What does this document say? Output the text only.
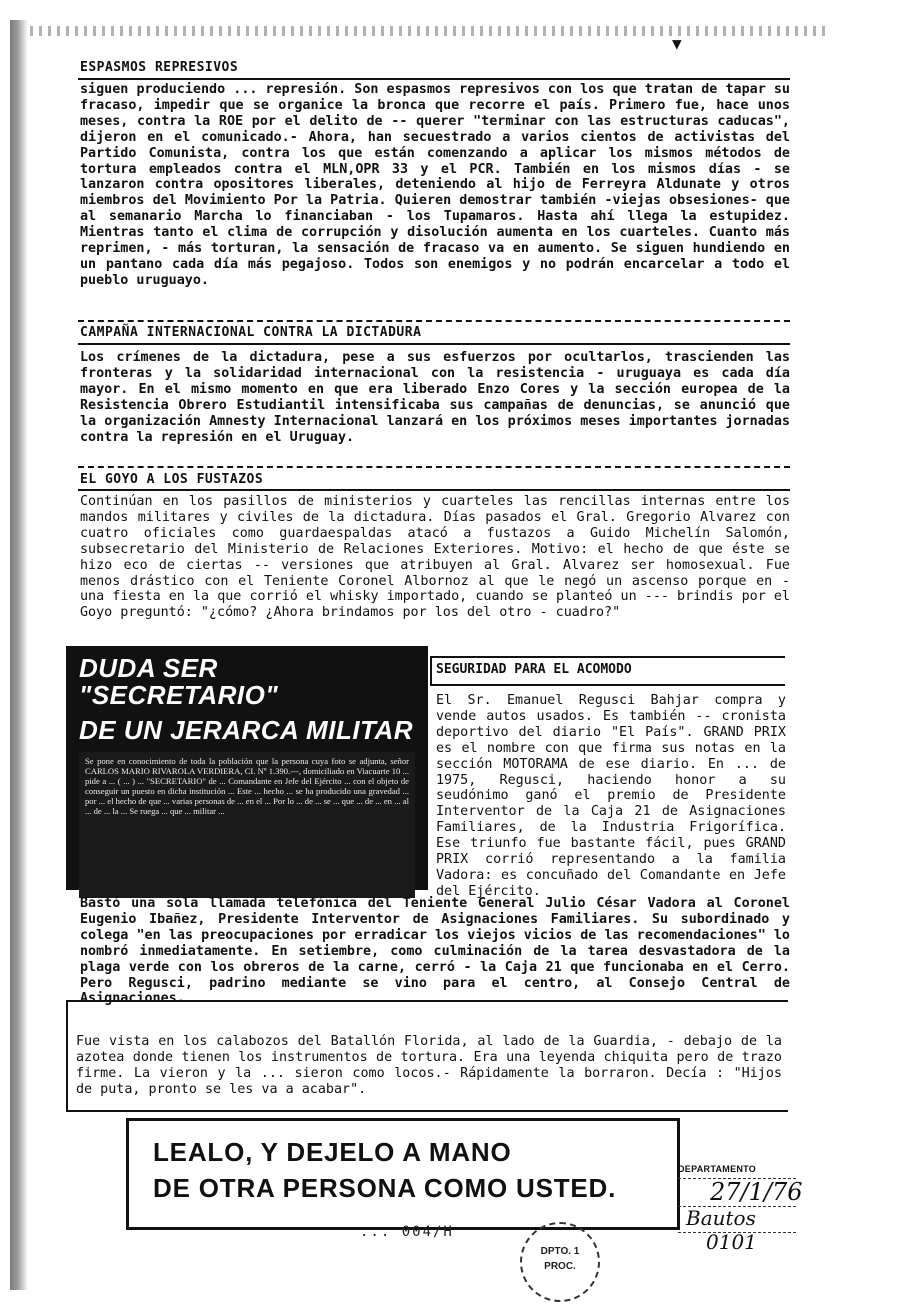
▼
ESPASMOS REPRESIVOS
siguen produciendo ... represión. Son espasmos represivos con los que tratan de tapar su fracaso, impedir que se organice la bronca que recorre el país. Primero fue, hace unos meses, contra la ROE por el delito de -- querer "terminar con las estructuras caducas", dijeron en el comunicado.- Ahora, han secuestrado a varios cientos de activistas del Partido Comunista, contra los que están comenzando a aplicar los mismos métodos de tortura empleados contra el MLN,OPR 33 y el PCR. También en los mismos días - se lanzaron contra opositores liberales, deteniendo al hijo de Ferreyra Aldunate y otros miembros del Movimiento Por la Patria. Quieren demostrar también -viejas obsesiones- que al semanario Marcha lo financiaban - los Tupamaros. Hasta ahí llega la estupidez. Mientras tanto el clima de corrupción y disolución aumenta en los cuarteles. Cuanto más reprimen, - más torturan, la sensación de fracaso va en aumento. Se siguen hundiendo en un pantano cada día más pegajoso. Todos son enemigos y no podrán encarcelar a todo el pueblo uruguayo.
CAMPAÑA INTERNACIONAL CONTRA LA DICTADURA
Los crímenes de la dictadura, pese a sus esfuerzos por ocultarlos, trascienden las fronteras y la solidaridad internacional con la resistencia - uruguaya es cada día mayor. En el mismo momento en que era liberado Enzo Cores y la sección europea de la Resistencia Obrero Estudiantil intensificaba sus campañas de denuncias, se anunció que la organización Amnesty Internacional lanzará en los próximos meses importantes jornadas contra la represión en el Uruguay.
EL GOYO A LOS FUSTAZOS
Continúan en los pasillos de ministerios y cuarteles las rencillas internas entre los mandos militares y civiles de la dictadura. Días pasados el Gral. Gregorio Alvarez con cuatro oficiales como guardaespaldas atacó a fustazos a Guido Michelín Salomón, subsecretario del Ministerio de Relaciones Exteriores. Motivo: el hecho de que éste se hizo eco de ciertas -- versiones que atribuyen al Gral. Alvarez ser homosexual. Fue menos drástico con el Teniente Coronel Albornoz al que le negó un ascenso porque en - una fiesta en la que corrió el whisky importado, cuando se planteó un --- brindis por el Goyo preguntó: "¿cómo? ¿Ahora brindamos por los del otro - cuadro?"
DUDA SER "SECRETARIO"
DE UN JERARCA MILITAR
Se pone en conocimiento de toda la población que la persona cuya foto se adjunta, señor CARLOS MARIO RIVAROLA VERDIERA, CI. Nº 1.390.---, domiciliado en Viacuarte 10 ... pide a ... ( ... ) ... "SECRETARIO" de ... Comandante en Jefe del Ejército ... con el objeto de conseguir un puesto en dicha institución ... Este ... hecho ... se ha producido una gravedad ... por ... el hecho de que ... varias personas de ... en el ... Por lo ... de ... se ... que ... de ... en ... al ... de ... la ... Se ruega ... que ... militar ...
SEGURIDAD PARA EL ACOMODO
El Sr. Emanuel Regusci Bahjar compra y vende autos usados. Es también -- cronista deportivo del diario "El País". GRAND PRIX es el nombre con que firma sus notas en la sección MOTORAMA de ese diario. En ... de 1975, Regusci, haciendo honor a su seudónimo ganó el premio de Presidente Interventor de la Caja 21 de Asignaciones Familiares, de la Industria Frigorífica. Ese triunfo fue bastante fácil, pues GRAND PRIX corrió representando a la familia Vadora: es concuñado del Comandante en Jefe del Ejército.
Bastó una sola llamada telefónica del Teniente General Julio César Vadora al Coronel Eugenio Ibañez, Presidente Interventor de Asignaciones Familiares. Su subordinado y colega "en las preocupaciones por erradicar los viejos vicios de las recomendaciones" lo nombró inmediatamente. En setiembre, como culminación de la tarea desvastadora de la plaga verde con los obreros de la carne, cerró - la Caja 21 que funcionaba en el Cerro. Pero Regusci, padrino mediante se vino para el centro, al Consejo Central de Asignaciones.
Fue vista en los calabozos del Batallón Florida, al lado de la Guardia, - debajo de la azotea donde tienen los instrumentos de tortura. Era una leyenda chiquita pero de trazo firme. La vieron y la ... sieron como locos.- Rápidamente la borraron. Decía : "Hijos de puta, pronto se les va a acabar".
LEALO, Y DEJELO A MANO
DE OTRA PERSONA COMO USTED.
DEPARTAMENTO
27/1/76
Bautos
0101
... 004/H
DPTO. 1
PROC.
